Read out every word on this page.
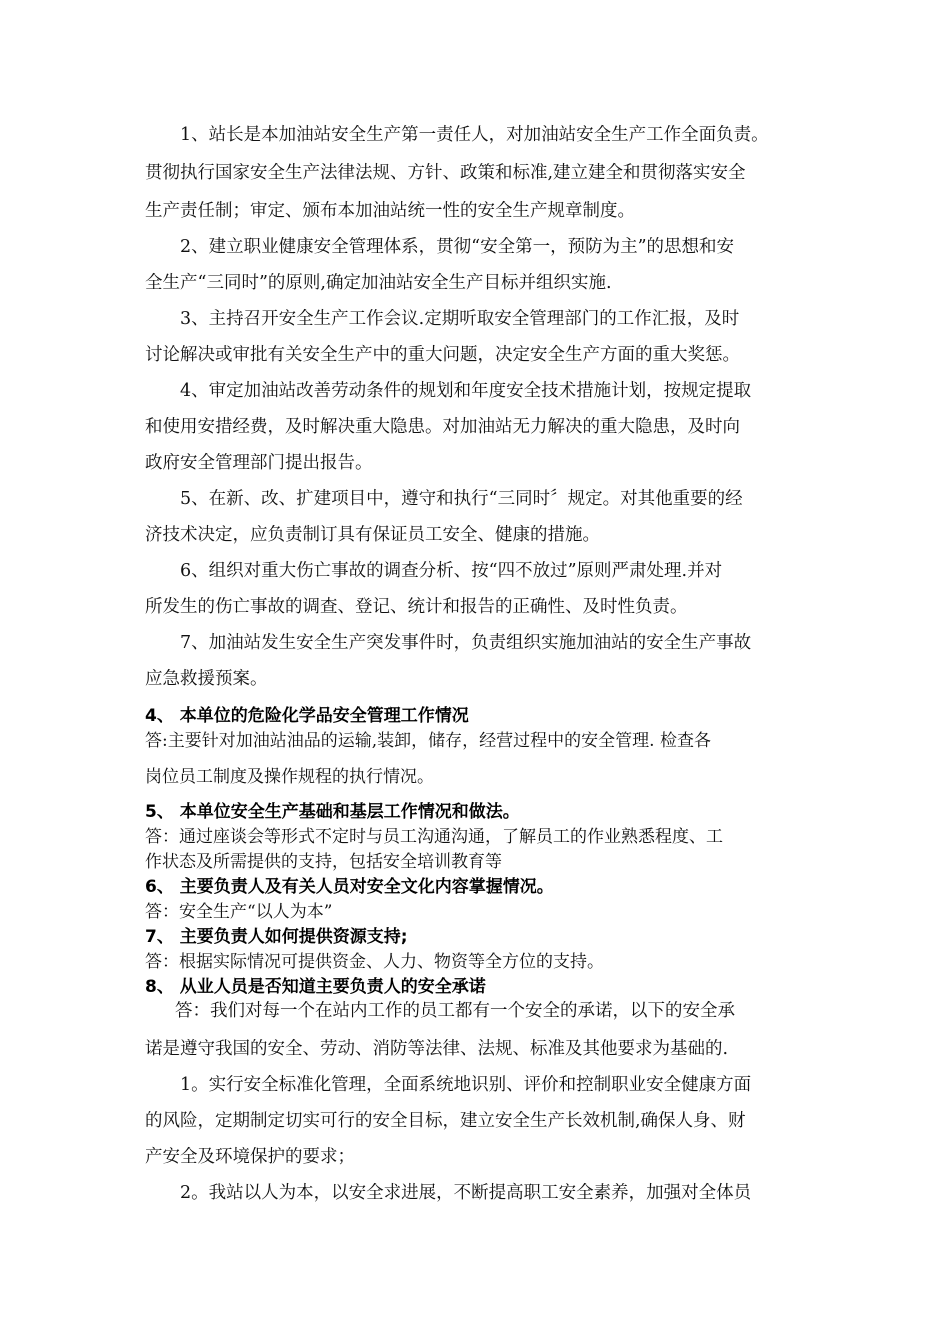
1、站长是本加油站安全生产第一责任人，对加油站安全生产工作全面负责。
贯彻执行国家安全生产法律法规、方针、政策和标准,建立建全和贯彻落实安全
生产责任制；审定、颁布本加油站统一性的安全生产规章制度。
2、建立职业健康安全管理体系，贯彻“安全第一，预防为主”的思想和安
全生产“三同时”的原则,确定加油站安全生产目标并组织实施.
3、主持召开安全生产工作会议.定期听取安全管理部门的工作汇报，及时
讨论解决或审批有关安全生产中的重大问题，决定安全生产方面的重大奖惩。
4、审定加油站改善劳动条件的规划和年度安全技术措施计划，按规定提取
和使用安措经费，及时解决重大隐患。对加油站无力解决的重大隐患，及时向
政府安全管理部门提出报告。
5、在新、改、扩建项目中，遵守和执行“三同时〞规定。对其他重要的经
济技术决定，应负责制订具有保证员工安全、健康的措施。
6、组织对重大伤亡事故的调查分析、按“四不放过”原则严肃处理.并对
所发生的伤亡事故的调查、登记、统计和报告的正确性、及时性负责。
7、加油站发生安全生产突发事件时，负责组织实施加油站的安全生产事故
应急救援预案。
4、 本单位的危险化学品安全管理工作情况
答:主要针对加油站油品的运输,装卸，储存，经营过程中的安全管理. 检查各
岗位员工制度及操作规程的执行情况。
5、 本单位安全生产基础和基层工作情况和做法。
答：通过座谈会等形式不定时与员工沟通沟通，了解员工的作业熟悉程度、工
作状态及所需提供的支持，包括安全培训教育等
6、 主要负责人及有关人员对安全文化内容掌握情况。
答：安全生产“以人为本”
7、 主要负责人如何提供资源支持;
答：根据实际情况可提供资金、人力、物资等全方位的支持。
8、 从业人员是否知道主要负责人的安全承诺
答：我们对每一个在站内工作的员工都有一个安全的承诺，以下的安全承
诺是遵守我国的安全、劳动、消防等法律、法规、标准及其他要求为基础的.
1。实行安全标准化管理，全面系统地识别、评价和控制职业安全健康方面
的风险，定期制定切实可行的安全目标，建立安全生产长效机制,确保人身、财
产安全及环境保护的要求；
2。我站以人为本，以安全求进展，不断提高职工安全素养，加强对全体员
